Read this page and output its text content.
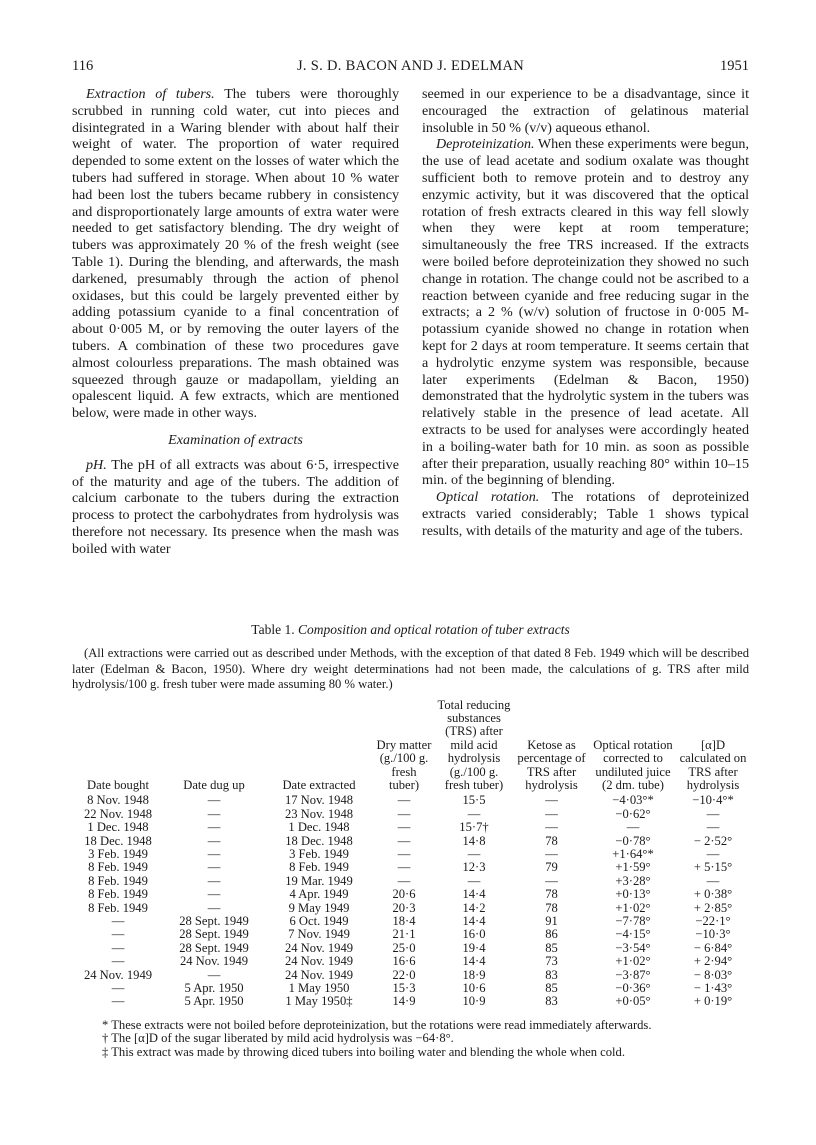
116	J. S. D. BACON AND J. EDELMAN	1951

Extraction of tubers. The tubers were thoroughly scrubbed in running cold water, cut into pieces and disintegrated in a Waring blender with about half their weight of water. The proportion of water required depended to some extent on the losses of water which the tubers had suffered in storage. When about 10 % water had been lost the tubers became rubbery in consistency and disproportionately large amounts of extra water were needed to get satisfactory blending. The dry weight of tubers was approximately 20 % of the fresh weight (see Table 1). During the blending, and afterwards, the mash darkened, presumably through the action of phenol oxidases, but this could be largely prevented either by adding potassium cyanide to a final concentration of about 0·005 M, or by removing the outer layers of the tubers. A combination of these two procedures gave almost colourless preparations. The mash obtained was squeezed through gauze or madapollam, yielding an opalescent liquid. A few extracts, which are mentioned below, were made in other ways.

Examination of extracts

pH. The pH of all extracts was about 6·5, irrespective of the maturity and age of the tubers. The addition of calcium carbonate to the tubers during the extraction process to protect the carbohydrates from hydrolysis was therefore not necessary. Its presence when the mash was boiled with water

seemed in our experience to be a disadvantage, since it encouraged the extraction of gelatinous material insoluble in 50 % (v/v) aqueous ethanol.

Deproteinization. When these experiments were begun, the use of lead acetate and sodium oxalate was thought sufficient both to remove protein and to destroy any enzymic activity, but it was discovered that the optical rotation of fresh extracts cleared in this way fell slowly when they were kept at room temperature; simultaneously the free TRS increased. If the extracts were boiled before deproteinization they showed no such change in rotation. The change could not be ascribed to a reaction between cyanide and free reducing sugar in the extracts; a 2 % (w/v) solution of fructose in 0·005 M-potassium cyanide showed no change in rotation when kept for 2 days at room temperature. It seems certain that a hydrolytic enzyme system was responsible, because later experiments (Edelman & Bacon, 1950) demonstrated that the hydrolytic system in the tubers was relatively stable in the presence of lead acetate. All extracts to be used for analyses were accordingly heated in a boiling-water bath for 10 min. as soon as possible after their preparation, usually reaching 80° within 10–15 min. of the beginning of blending.

Optical rotation. The rotations of deproteinized extracts varied considerably; Table 1 shows typical results, with details of the maturity and age of the tubers.

Table 1. Composition and optical rotation of tuber extracts

(All extractions were carried out as described under Methods, with the exception of that dated 8 Feb. 1949 which will be described later (Edelman & Bacon, 1950). Where dry weight determinations had not been made, the calculations of g. TRS after mild hydrolysis/100 g. fresh tuber were made assuming 80 % water.)

Date bought	Date dug up	Date extracted	Dry matter (g./100 g. fresh tuber)	Total reducing substances (TRS) after mild acid hydrolysis (g./100 g. fresh tuber)	Ketose as percentage of TRS after hydrolysis	Optical rotation corrected to undiluted juice (2 dm. tube)	[α]D calculated on TRS after hydrolysis
8 Nov. 1948	—	17 Nov. 1948	—	15·5	—	−4·03°*	−10·4°*
22 Nov. 1948	—	23 Nov. 1948	—	—	—	−0·62°	—
1 Dec. 1948	—	1 Dec. 1948	—	15·7†	—	—	—
18 Dec. 1948	—	18 Dec. 1948	—	14·8	78	−0·78°	− 2·52°
3 Feb. 1949	—	3 Feb. 1949	—	—	—	+1·64°*	—
8 Feb. 1949	—	8 Feb. 1949	—	12·3	79	+1·59°	+ 5·15°
8 Feb. 1949	—	19 Mar. 1949	—	—	—	+3·28°	—
8 Feb. 1949	—	4 Apr. 1949	20·6	14·4	78	+0·13°	+ 0·38°
8 Feb. 1949	—	9 May 1949	20·3	14·2	78	+1·02°	+ 2·85°
—	28 Sept. 1949	6 Oct. 1949	18·4	14·4	91	−7·78°	−22·1°
—	28 Sept. 1949	7 Nov. 1949	21·1	16·0	86	−4·15°	−10·3°
—	28 Sept. 1949	24 Nov. 1949	25·0	19·4	85	−3·54°	− 6·84°
—	24 Nov. 1949	24 Nov. 1949	16·6	14·4	73	+1·02°	+ 2·94°
24 Nov. 1949	—	24 Nov. 1949	22·0	18·9	83	−3·87°	− 8·03°
—	5 Apr. 1950	1 May 1950	15·3	10·6	85	−0·36°	− 1·43°
—	5 Apr. 1950	1 May 1950‡	14·9	10·9	83	+0·05°	+ 0·19°
* These extracts were not boiled before deproteinization, but the rotations were read immediately afterwards.
† The [α]D of the sugar liberated by mild acid hydrolysis was −64·8°.
‡ This extract was made by throwing diced tubers into boiling water and blending the whole when cold.
